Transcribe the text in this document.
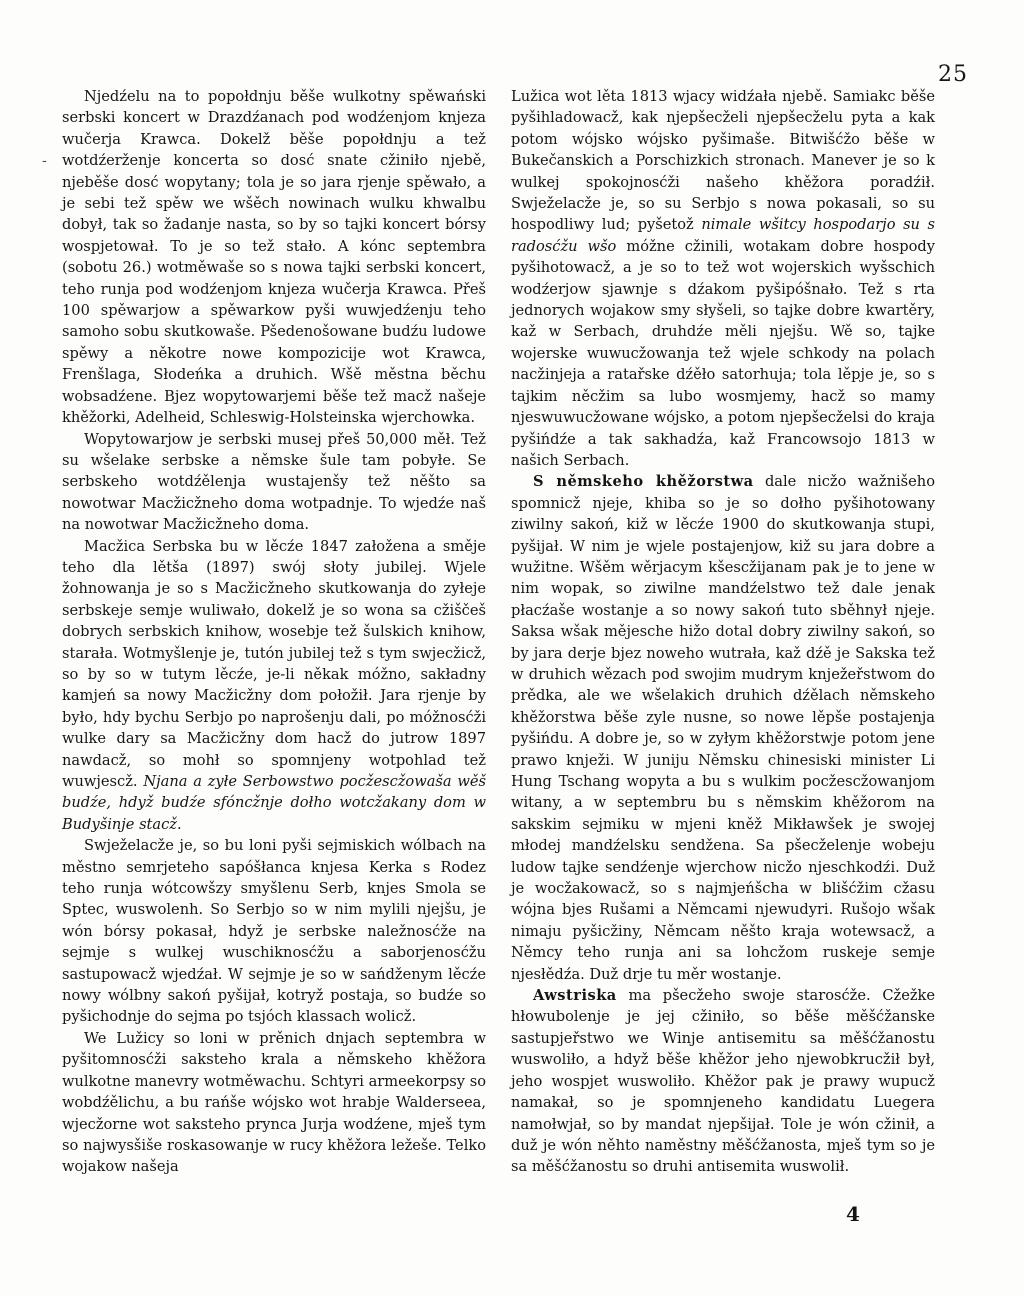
25
-

Njedźelu na to popołdnju běše wulkotny spěwański serbski koncert w Drazdźanach pod wodźenjom knjeza wučerja Krawca. Dokelž běše popołdnju a tež wotdźerženje koncerta so dosć snate cžiniło njebě, njeběše dosć wopytany; tola je so jara rjenje spěwało, a je sebi tež spěw we wšěch nowinach wulku khwalbu dobył, tak so žadanje nasta, so by so tajki koncert bórsy wospjetował. To je so tež stało. A kónc septembra (sobotu 26.) wotměwaše so s nowa tajki serbski koncert, teho runja pod wodźenjom knjeza wučerja Krawca. Přeš 100 spěwarjow a spěwarkow pyši wuwjedźenju teho samoho sobu skutkowaše. Pšedenošowane budźu ludowe spěwy a někotre nowe kompozicije wot Krawca, Frenšlaga, Słodeńka a druhich. Wšě městna běchu wobsadźene. Bjez wopytowarjemi běše tež macž našeje khěžorki, Adelheid, Schleswig-Holsteinska wjerchowka.

Wopytowarjow je serbski musej přeš 50,000 měł. Tež su wšelake serbske a němske šule tam pobyłe. Se serbskeho wotdźělenja wustajenšy tež něšto sa nowotwar Macžicžneho doma wotpadnje. To wjedźe naš na nowotwar Macžicžneho doma.

Macžica Serbska bu w lěcźe 1847 załožena a směje teho dla lětša (1897) swój słoty jubilej. Wjele žohnowanja je so s Macžicžneho skutkowanja do zyłeje serbskeje semje wuliwało, dokelž je so wona sa cžiščeš dobrych serbskich knihow, wosebje tež šulskich knihow, starała. Wotmyšlenje je, tutón jubilej tež s tym swjecžicž, so by so w tutym lěcźe, je-li někak móžno, sakładny kamjeń sa nowy Macžicžny dom połožił. Jara rjenje by było, hdy bychu Serbjo po naprošenju dali, po móžnosćži wulke dary sa Macžicžny dom hacž do jutrow 1897 nawdacž, so mohł so spomnjeny wotpohlad tež wuwjescž. Njana a zyłe Serbowstwo pocžescžowaša wěš budźe, hdyž budźe sfóncžnje dołho wotcžakany dom w Budyšinje stacž.

Swježelacže je, so bu loni pyši sejmiskich wólbach na městno semrjeteho sapóšłanca knjesa Kerka s Rodez teho runja wótcowšzy smyšlenu Serb, knjes Smola se Sptec, wuswolenh. So Serbjo so w nim mylili njejšu, je wón bórsy pokasał, hdyž je serbske naležnosćže na sejmje s wulkej wuschiknosćžu a saborjenosćžu sastupowacž wjedźał. W sejmje je so w sańdženym lěcźe nowy wólbny sakoń pyšijał, kotryž postaja, so budźe so pyšichodnje do sejma po tsjóch klassach wolicž.

We Lužicy so loni w prěnich dnjach septembra w pyšitomnosćži saksteho krala a němskeho khěžora wulkotne manevry wotměwachu. Schtyri armeekorpsy so wobdźělichu, a bu rańše wójsko wot hrabje Walderseea, wjecžorne wot saksteho prynca Jurja wodźene, mješ tym so najwysšiše roskasowanje w rucy khěžora ležeše. Telko wojakow našeja

Lužica wot lěta 1813 wjacy widźała njebě. Samiakc běše pyšihladowacž, kak njepšecželi njepšecželu pyta a kak potom wójsko wójsko pyšimaše. Bitwišćžo běše w Bukečanskich a Porschizkich stronach. Manever je so k wulkej spokojnosćži našeho khěžora poradźił. Swježelacže je, so su Serbjo s nowa pokasali, so su hospodliwy lud; pyšetož nimale wšitcy hospodarjo su s radosćžu wšo móžne cžinili, wotakam dobre hospody pyšihotowacž, a je so to tež wot wojerskich wyšschich wodźerjow sjawnje s dźakom pyšipóšnało. Tež s rta jednorych wojakow smy słyšeli, so tajke dobre kwartěry, kaž w Serbach, druhdźe měli njejšu. Wě so, tajke wojerske wuwucžowanja tež wjele schkody na polach nacžinjeja a ratařske dźěło satorhuja; tola lěpje je, so s tajkim něcžim sa lubo wosmjemy, hacž so mamy njeswuwucžowane wójsko, a potom njepšecželsi do kraja pyšińdźe a tak sakhadźa, kaž Francowsojo 1813 w našich Serbach.

S němskeho khěžorstwa dale nicžo wažnišeho spomnicž njeje, khiba so je so dołho pyšihotowany ziwilny sakoń, kiž w lěcźe 1900 do skutkowanja stupi, pyšijał. W nim je wjele postajenjow, kiž su jara dobre a wužitne. Wšěm wěrjacym kšescžijanam pak je to jene w nim wopak, so ziwilne mandźelstwo tež dale jenak płacźaše wostanje a so nowy sakoń tuto sběhnył njeje. Saksa wšak mějesche hižo dotal dobry ziwilny sakoń, so by jara derje bjez noweho wutrała, kaž dźě je Sakska tež w druhich wězach pod swojim mudrym knježeřstwom do prědka, ale we wšelakich druhich dźělach němskeho khěžorstwa běše zyle nusne, so nowe lěpše postajenja pyšińdu. A dobre je, so w zyłym khěžorstwje potom jene prawo knježi. W juniju Němsku chinesiski minister Li Hung Tschang wopyta a bu s wulkim pocžescžowanjom witany, a w septembru bu s němskim khěžorom na sakskim sejmiku w mjeni kněž Mikławšek je swojej młodej mandźelsku sendžena. Sa pšecželenje wobeju ludow tajke sendźenje wjerchow nicžo njeschkodźi. Duž je wocžakowacž, so s najmjeńšcha w blišćžim cžasu wójna bjes Rušami a Němcami njewudyri. Rušojo wšak nimaju pyšicžiny, Němcam něšto kraja wotewsacž, a Němcy teho runja ani sa lohcžom ruskeje semje njesłědźa. Duž drje tu měr wostanje.

Awstriska ma pšecžeho swoje starosćže. Cžežke hłowubolenje je jej cžiniło, so běše měšćžanske sastupjeřstwo we Winje antisemitu sa měšćžanostu wuswoliło, a hdyž běše khěžor jeho njewobkrucžił był, jeho wospjet wuswoliło. Khěžor pak je prawy wupucž namakał, so je spomnjeneho kandidatu Luegera namołwjał, so by mandat njepšijał. Tole je wón cžinił, a duž je wón něhto naměstny měšćžanosta, mješ tym so je sa měšćžanostu so druhi antisemita wuswolił.

4
